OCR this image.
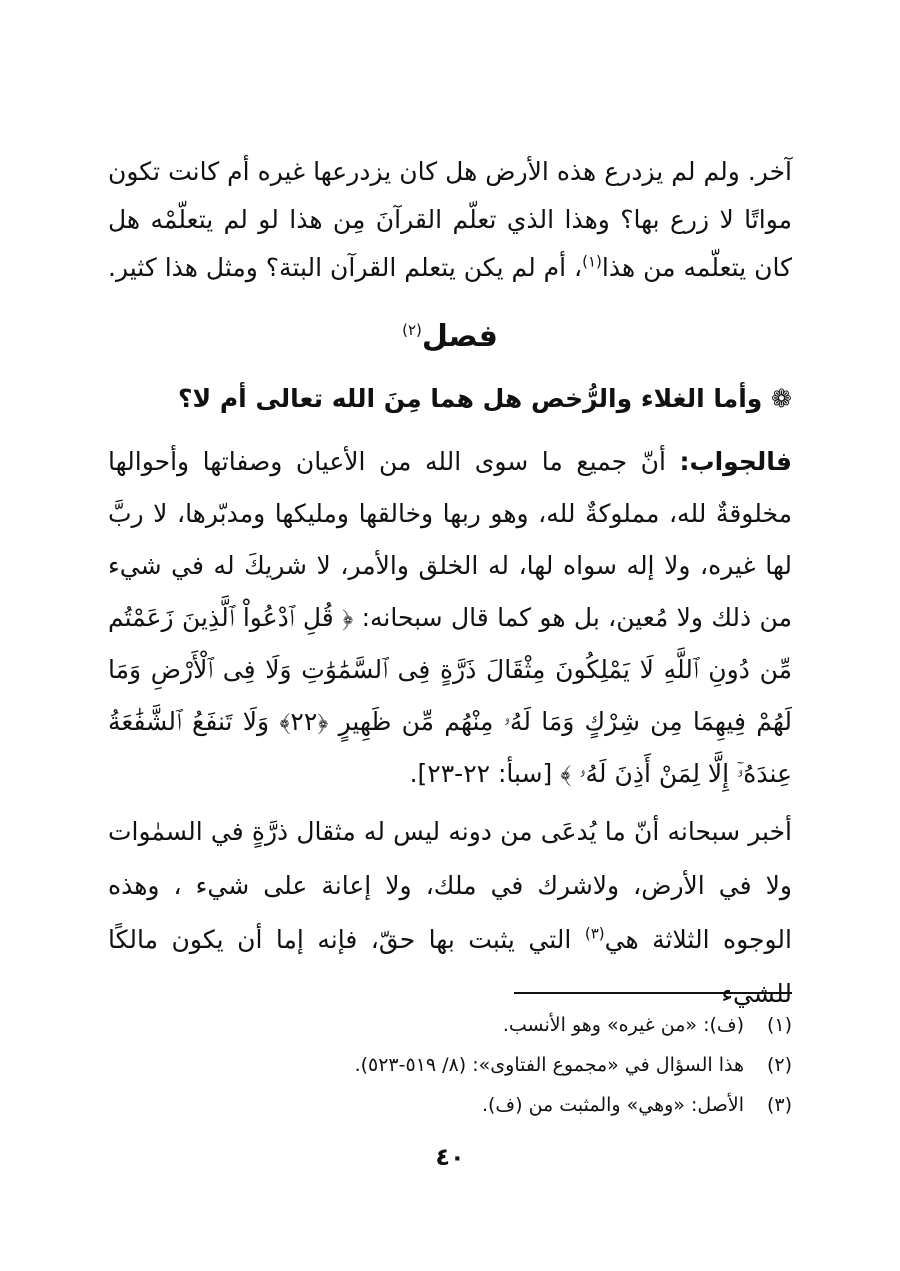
آخر. ولم لم يزدرع هذه الأرض هل كان يزدرعها غيره أم كانت تكون مواتًا لا زرع بها؟ وهذا الذي تعلّم القرآنَ مِن هذا لو لم يتعلّمْه هل كان يتعلّمه من هذا$^{(١)}$، أم لم يكن يتعلم القرآن البتة؟ ومثل هذا كثير.

فصل$^{(٢)}$
❁ وأما الغلاء والرُّخص هل هما مِنَ الله تعالى أم لا؟
فالجواب: أنّ جميع ما سوى الله من الأعيان وصفاتها وأحوالها مخلوقةٌ لله، مملوكةٌ لله، وهو ربها وخالقها ومليكها ومدبّرها، لا ربَّ لها غيره، ولا إله سواه لها، له الخلق والأمر، لا شريكَ له في شيء من ذلك ولا مُعين، بل هو كما قال سبحانه: ﴿ قُلِ ٱدْعُواْ ٱلَّذِينَ زَعَمْتُم مِّن دُونِ ٱللَّهِ لَا يَمْلِكُونَ مِثْقَالَ ذَرَّةٍ فِى ٱلسَّمَٰوَٰتِ وَلَا فِى ٱلْأَرْضِ وَمَا لَهُمْ فِيهِمَا مِن شِرْكٍ وَمَا لَهُۥ مِنْهُم مِّن ظَهِيرٍ ﴿٢٢﴾ وَلَا تَنفَعُ ٱلشَّفَٰعَةُ عِندَهُۥٓ إِلَّا لِمَنْ أَذِنَ لَهُۥ ﴾ [سبأ: ٢٢-٢٣].
أخبر سبحانه أنّ ما يُدعَى من دونه ليس له مثقال ذرَّةٍ في السمٰوات ولا في الأرض، ولاشرك في ملك، ولا إعانة على شيء ، وهذه الوجوه الثلاثة هي$^{(٣)}$ التي يثبت بها حقّ، فإنه إما أن يكون مالكًا للشيء
(١)
(ف): «من غيره» وهو الأنسب.
(٢)
هذا السؤال في «مجموع الفتاوى»: (٨/ ٥١٩-٥٢٣).
(٣)
الأصل: «وهي» والمثبت من (ف).
٤٠
